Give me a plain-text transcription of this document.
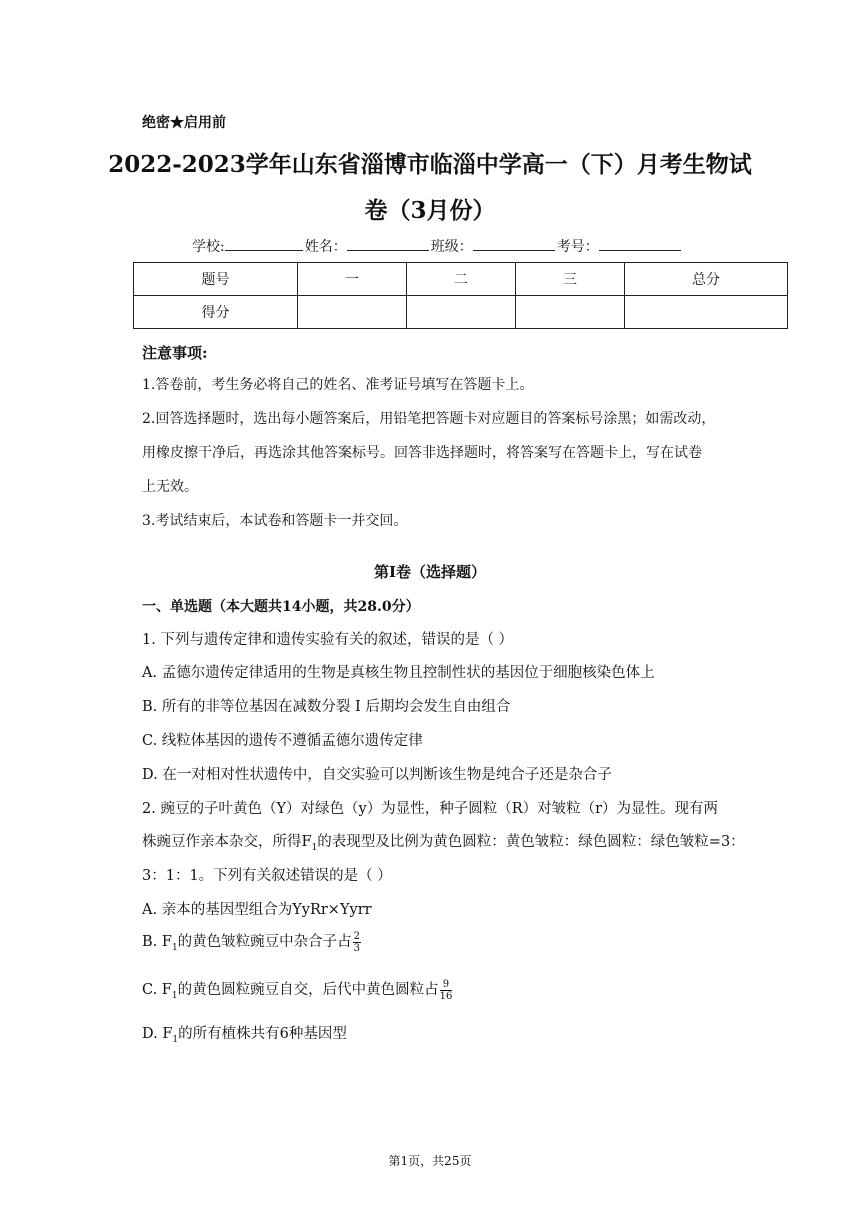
绝密★启用前
2022-2023学年山东省淄博市临淄中学高一（下）月考生物试
卷（3月份）
学校:	姓名：	班级：	考号：
题号	一	二	三	总分
得分				
注意事项:
1.答卷前，考生务必将自己的姓名、准考证号填写在答题卡上。
2.回答选择题时，选出每小题答案后，用铅笔把答题卡对应题目的答案标号涂黑；如需改动，
用橡皮擦干净后，再选涂其他答案标号。回答非选择题时，将答案写在答题卡上，写在试卷
上无效。
3.考试结束后，本试卷和答题卡一并交回。
第I卷（选择题）
一、单选题（本大题共14小题，共28.0分）
1. 下列与遗传定律和遗传实验有关的叙述，错误的是（ ）
A. 孟德尔遗传定律适用的生物是真核生物且控制性状的基因位于细胞核染色体上
B. 所有的非等位基因在减数分裂 I 后期均会发生自由组合
C. 线粒体基因的遗传不遵循孟德尔遗传定律
D. 在一对相对性状遗传中，自交实验可以判断该生物是纯合子还是杂合子
2. 豌豆的子叶黄色（Y）对绿色（y）为显性，种子圆粒（R）对皱粒（r）为显性。现有两
株豌豆作亲本杂交，所得$F_1$的表现型及比例为黄色圆粒：黄色皱粒：绿色圆粒：绿色皱粒=3：
3：1：1。下列有关叙述错误的是（ ）
A. 亲本的基因型组合为YyRr×Yyrr
B. $F_1$的黄色皱粒豌豆中杂合子占 $\frac{2}{3}$
C. $F_1$的黄色圆粒豌豆自交，后代中黄色圆粒占 $\frac{9}{16}$
D. $F_1$的所有植株共有6种基因型
第1页，共25页
